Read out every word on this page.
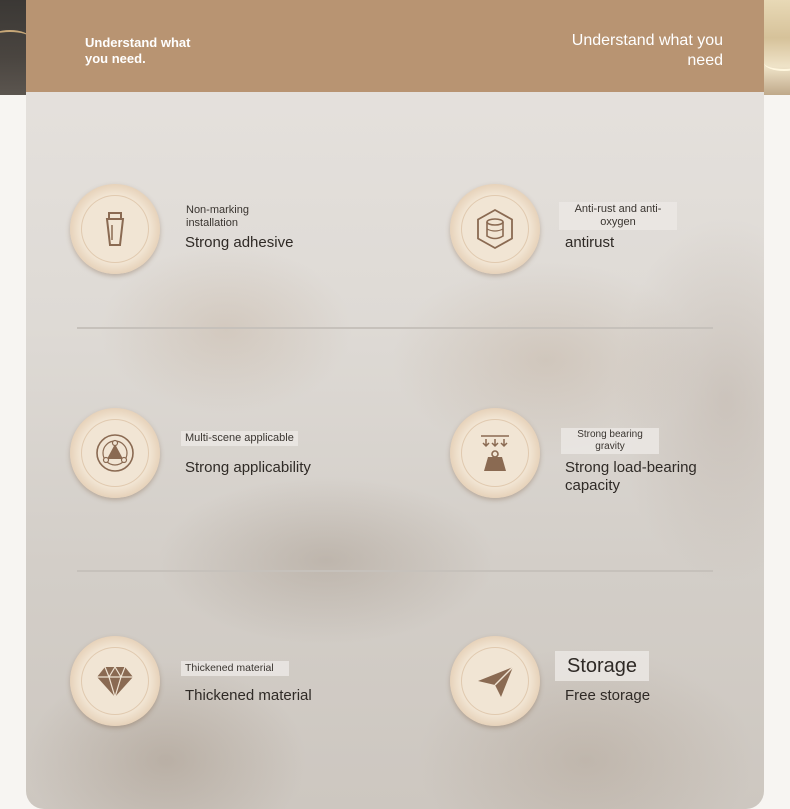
Understand what you need.
Understand what you need
Non-marking installation
Strong adhesive
Anti-rust and anti-oxygen
antirust
Multi-scene applicable
Strong applicability
Strong bearing gravity
Strong load-bearing capacity
Thickened material
Thickened material
Storage
Free storage
